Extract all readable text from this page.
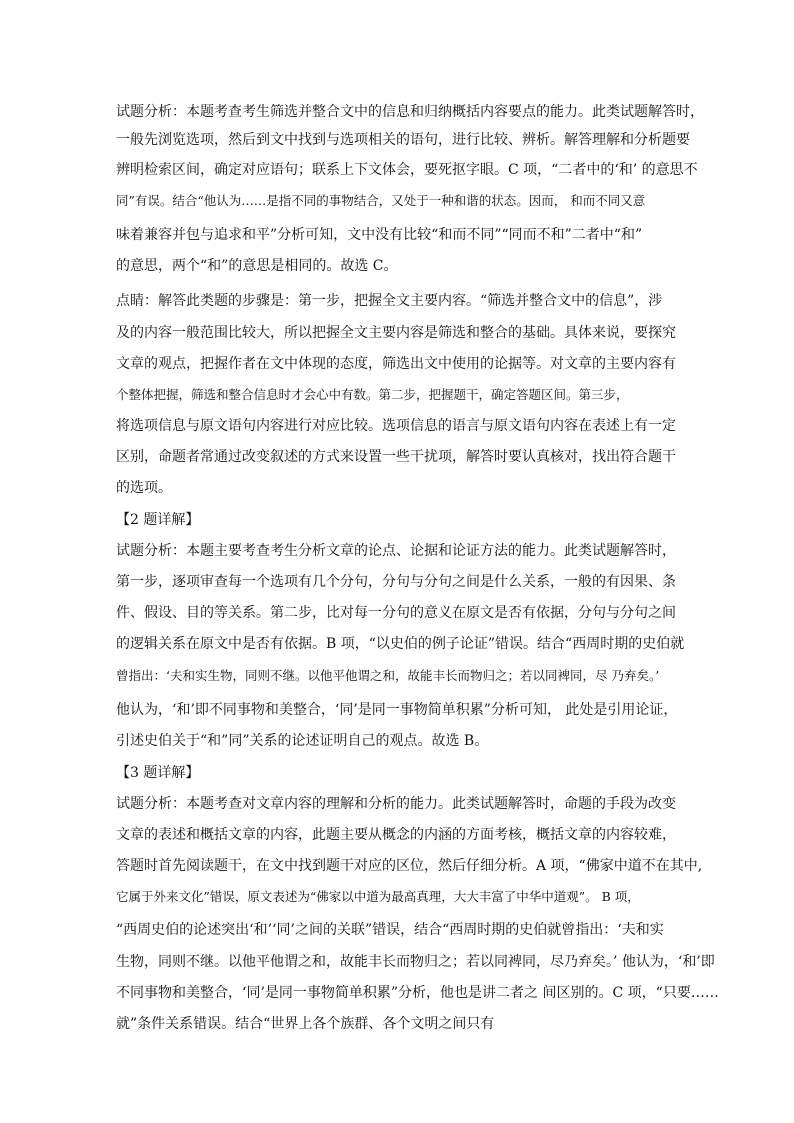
试题分析：本题考查考生筛选并整合文中的信息和归纳概括内容要点的能力。此类试题解答时，
一般先浏览选项，然后到文中找到与选项相关的语句，进行比较、辨析。解答理解和分析题要
辨明检索区间，确定对应语句；联系上下文体会，要死抠字眼。C 项，“二者中的‘和’ 的意思不
同”有误。结合“他认为……是指不同的事物结合，又处于一种和谐的状态。因而， 和而不同又意
味着兼容并包与追求和平”分析可知，文中没有比较“和而不同”“同而不和”二者中“和”
的意思，两个“和”的意思是相同的。故选 C。
点睛：解答此类题的步骤是：第一步，把握全文主要内容。“筛选并整合文中的信息”，涉
及的内容一般范围比较大，所以把握全文主要内容是筛选和整合的基础。具体来说，要探究
文章的观点，把握作者在文中体现的态度，筛选出文中使用的论据等。对文章的主要内容有
个整体把握，筛选和整合信息时才会心中有数。第二步，把握题干，确定答题区间。第三步，
将选项信息与原文语句内容进行对应比较。选项信息的语言与原文语句内容在表述上有一定
区别，命题者常通过改变叙述的方式来设置一些干扰项，解答时要认真核对，找出符合题干
的选项。
【2 题详解】
试题分析：本题主要考查考生分析文章的论点、论据和论证方法的能力。此类试题解答时，
第一步，逐项审查每一个选项有几个分句，分句与分句之间是什么关系，一般的有因果、条
件、假设、目的等关系。第二步，比对每一分句的意义在原文是否有依据，分句与分句之间
的逻辑关系在原文中是否有依据。B 项，“以史伯的例子论证”错误。结合“西周时期的史伯就
曾指出：‘夫和实生物，同则不继。以他平他谓之和，故能丰长而物归之；若以同裨同，尽 乃弃矣。’
他认为，‘和’即不同事物和美整合，‘同’是同一事物简单积累”分析可知， 此处是引用论证，
引述史伯关于“和”同”关系的论述证明自己的观点。故选 B。
【3 题详解】
试题分析：本题考查对文章内容的理解和分析的能力。此类试题解答时，命题的手段为改变
文章的表述和概括文章的内容，此题主要从概念的内涵的方面考核，概括文章的内容较难，
答题时首先阅读题干，在文中找到题干对应的区位，然后仔细分析。A 项，“佛家中道不在其中,
它属于外来文化”错误，原文表述为“佛家以中道为最高真理，大大丰富了中华中道观”。 B 项，
“西周史伯的论述突出‘和’‘同’之间的关联”错误，结合“西周时期的史伯就曾指出：‘夫和实
生物，同则不继。以他平他谓之和，故能丰长而物归之；若以同裨同，尽乃弃矣。’ 他认为，‘和’即
不同事物和美整合，‘同’是同一事物简单积累”分析，他也是讲二者之 间区别的。C 项，“只要……
就”条件关系错误。结合“世界上各个族群、各个文明之间只有
